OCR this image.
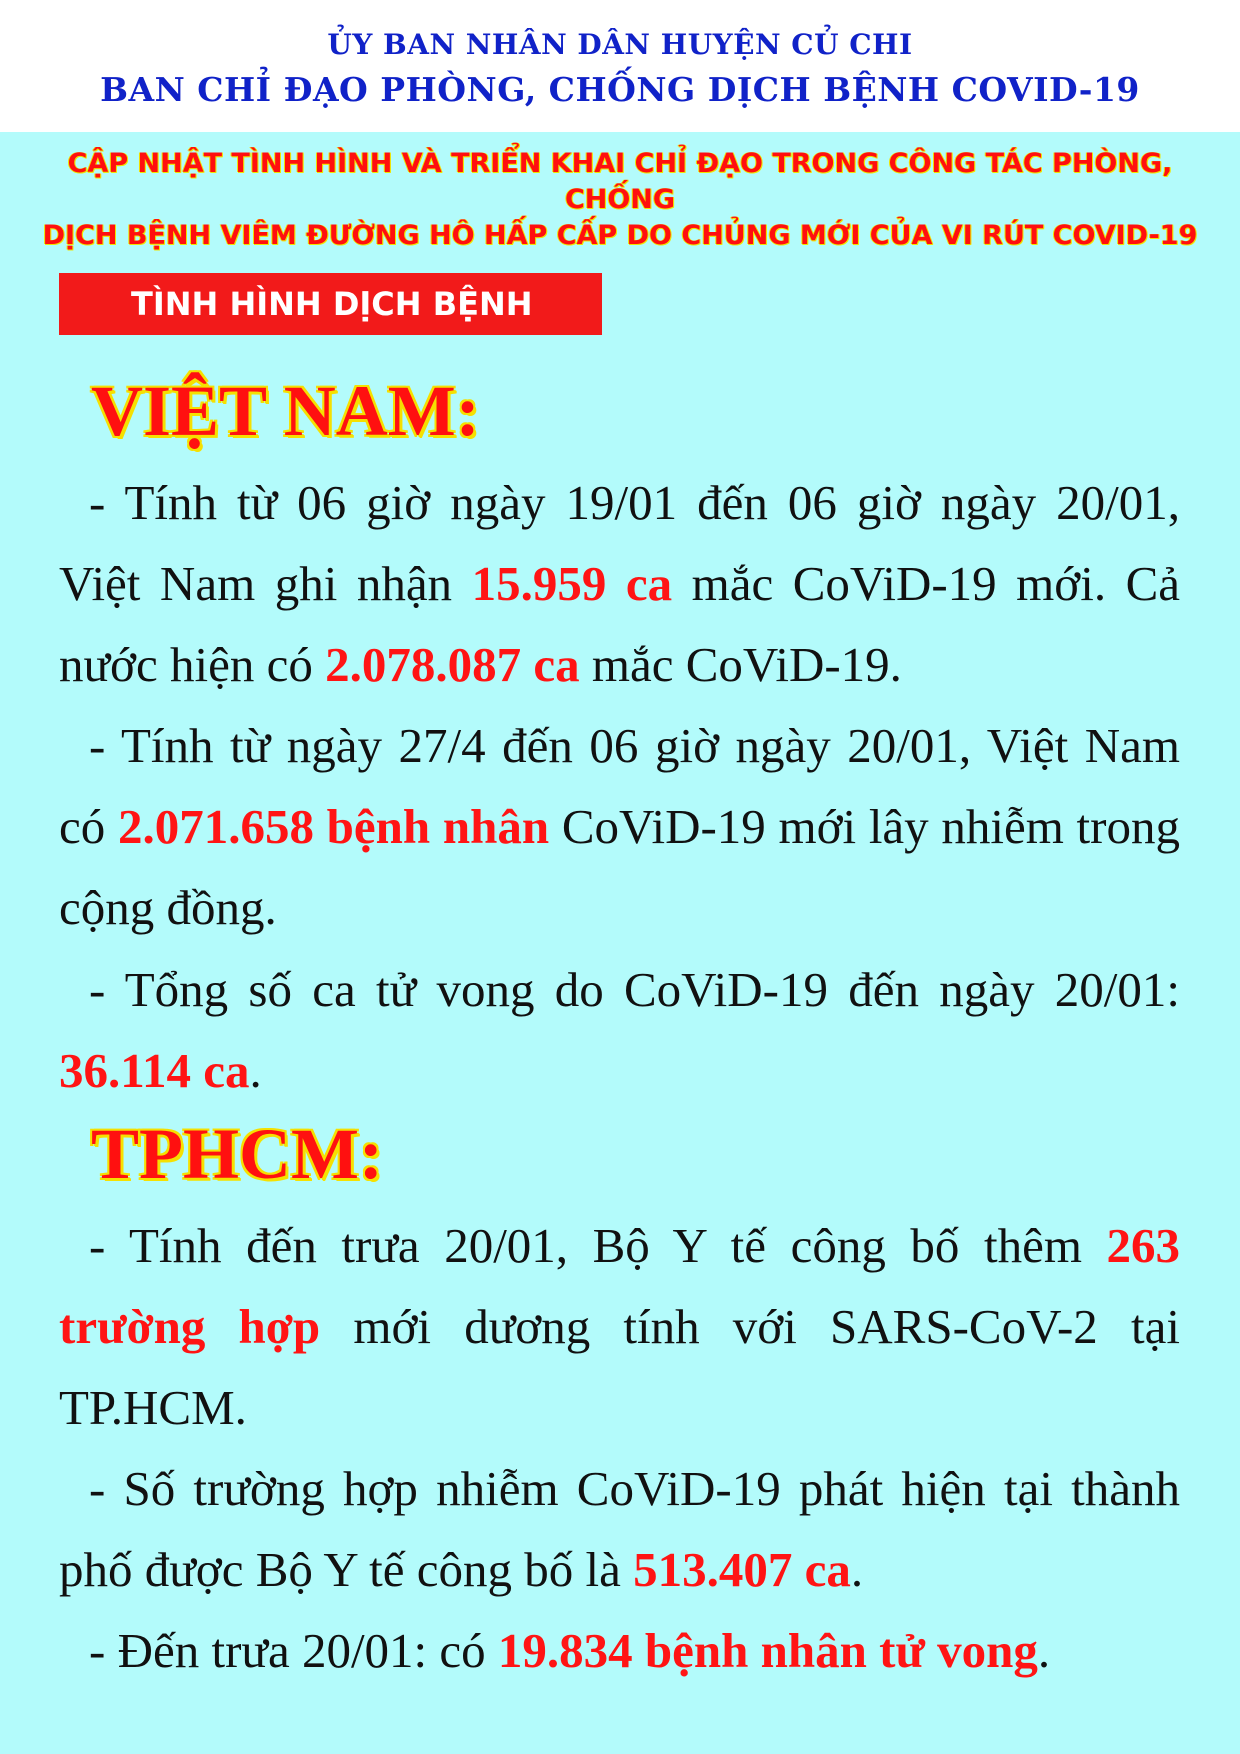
ỦY BAN NHÂN DÂN HUYỆN CỦ CHI
BAN CHỈ ĐẠO PHÒNG, CHỐNG DỊCH BỆNH COVID-19
CẬP NHẬT TÌNH HÌNH VÀ TRIỂN KHAI CHỈ ĐẠO TRONG CÔNG TÁC PHÒNG, CHỐNG
DỊCH BỆNH VIÊM ĐƯỜNG HÔ HẤP CẤP DO CHỦNG MỚI CỦA VI RÚT COVID-19
TÌNH HÌNH DỊCH BỆNH
VIỆT NAM:
- Tính từ 06 giờ ngày 19/01 đến 06 giờ ngày 20/01, Việt Nam ghi nhận 15.959 ca mắc CoViD-19 mới. Cả nước hiện có 2.078.087 ca mắc CoViD-19.
- Tính từ ngày 27/4 đến 06 giờ ngày 20/01, Việt Nam có 2.071.658 bệnh nhân CoViD-19 mới lây nhiễm trong cộng đồng.
- Tổng số ca tử vong do CoViD-19 đến ngày 20/01: 36.114 ca.
TPHCM:
- Tính đến trưa 20/01, Bộ Y tế công bố thêm 263 trường hợp mới dương tính với SARS-CoV-2 tại TP.HCM.
- Số trường hợp nhiễm CoViD-19 phát hiện tại thành phố được Bộ Y tế công bố là 513.407 ca.
- Đến trưa 20/01: có 19.834 bệnh nhân tử vong.
